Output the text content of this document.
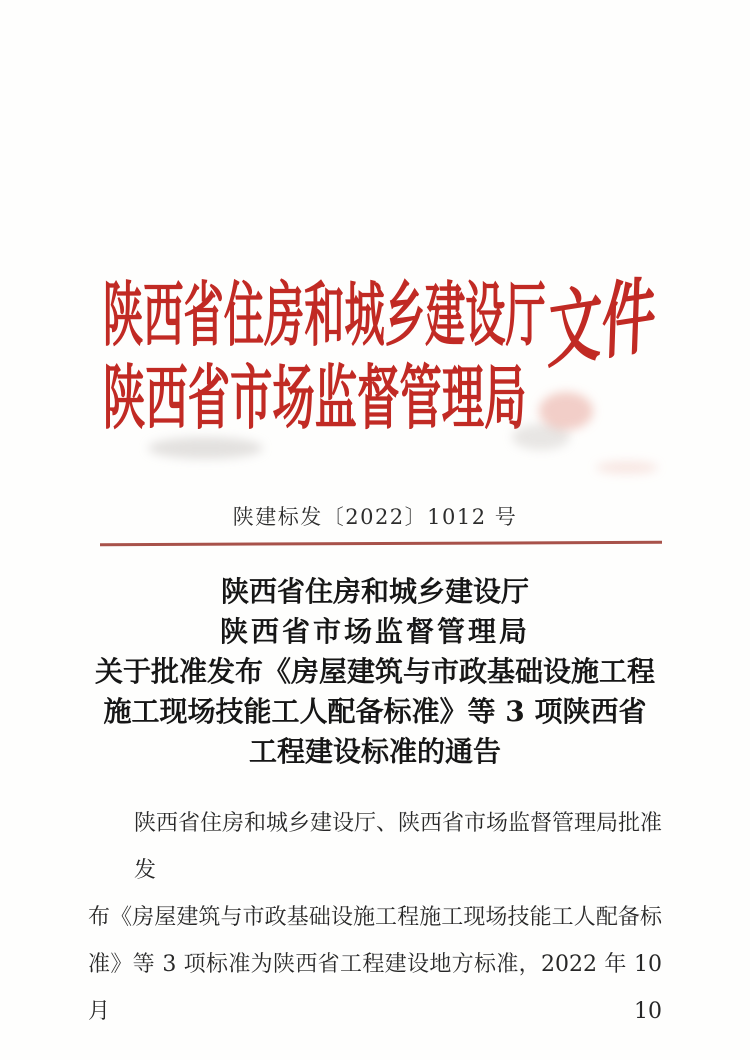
陕西省住房和城乡建设厅
陕西省市场监督管理局
文件
陕建标发〔2022〕1012 号
陕西省住房和城乡建设厅
陕西省市场监督管理局
关于批准发布《房屋建筑与市政基础设施工程
施工现场技能工人配备标准》等 3 项陕西省
工程建设标准的通告
陕西省住房和城乡建设厅、陕西省市场监督管理局批准发
布《房屋建筑与市政基础设施工程施工现场技能工人配备标
准》等 3 项标准为陕西省工程建设地方标准，2022 年 10 月 10
